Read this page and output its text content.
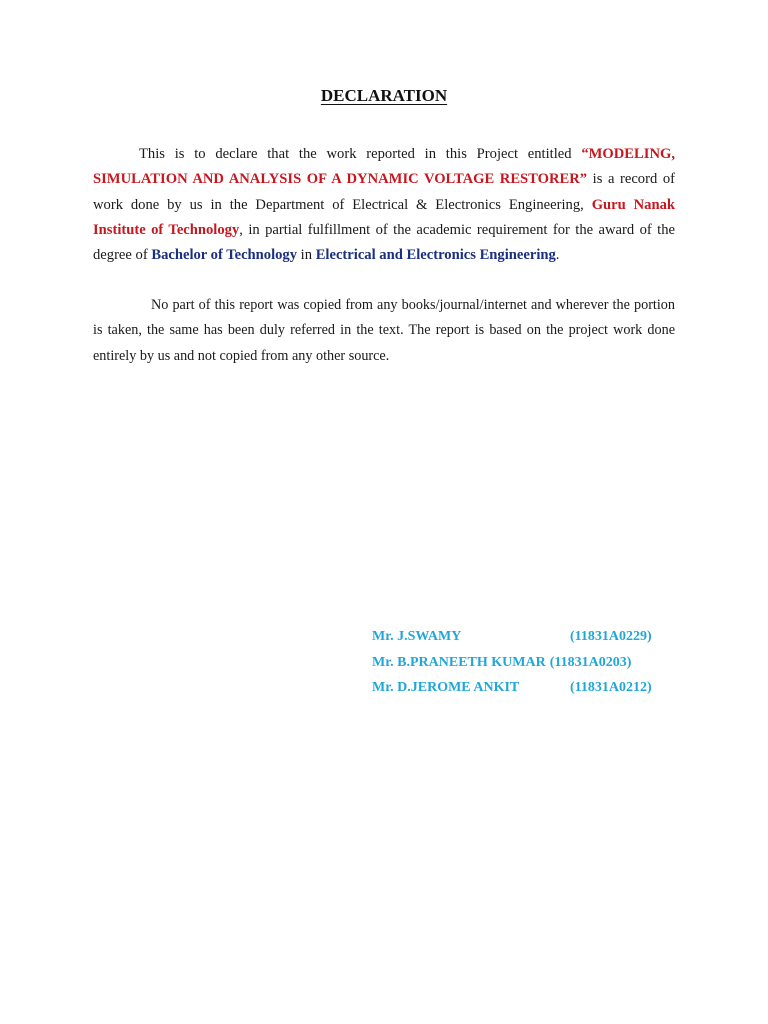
DECLARATION

This is to declare that the work reported in this Project entitled “MODELING, SIMULATION AND ANALYSIS OF A DYNAMIC VOLTAGE RESTORER” is a record of work done by us in the Department of Electrical & Electronics Engineering, Guru Nanak Institute of Technology, in partial fulfillment of the academic requirement for the award of the degree of Bachelor of Technology in Electrical and Electronics Engineering.

No part of this report was copied from any books/journal/internet and wherever the portion is taken, the same has been duly referred in the text. The report is based on the project work done entirely by us and not copied from any other source.

Mr. J.SWAMY	(11831A0229)
Mr. B.PRANEETH KUMAR (11831A0203)
Mr. D.JEROME ANKIT	(11831A0212)
